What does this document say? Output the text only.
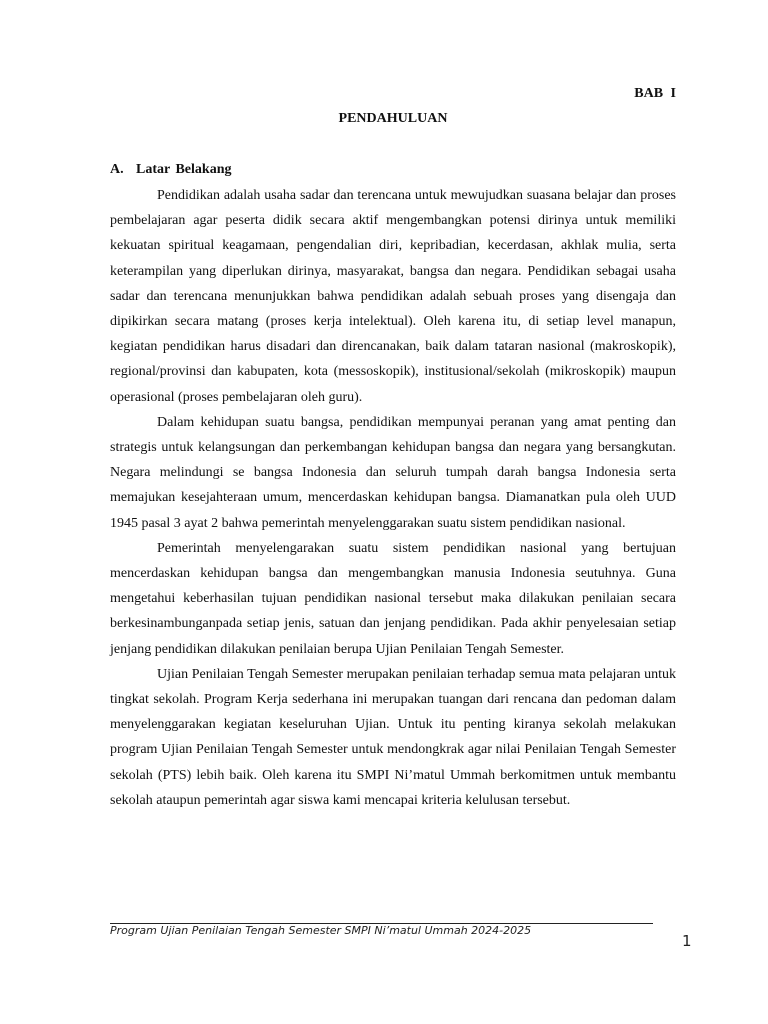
BAB I
PENDAHULUAN
A. Latar Belakang

Pendidikan adalah usaha sadar dan terencana untuk mewujudkan suasana belajar dan proses pembelajaran agar peserta didik secara aktif mengembangkan potensi dirinya untuk memiliki kekuatan spiritual keagamaan, pengendalian diri, kepribadian, kecerdasan, akhlak mulia, serta keterampilan yang diperlukan dirinya, masyarakat, bangsa dan negara. Pendidikan sebagai usaha sadar dan terencana menunjukkan bahwa pendidikan adalah sebuah proses yang disengaja dan dipikirkan secara matang (proses kerja intelektual). Oleh karena itu, di setiap level manapun, kegiatan pendidikan harus disadari dan direncanakan, baik dalam tataran nasional (makroskopik), regional/provinsi dan kabupaten, kota (messoskopik), institusional/sekolah (mikroskopik) maupun operasional (proses pembelajaran oleh guru).

Dalam kehidupan suatu bangsa, pendidikan mempunyai peranan yang amat penting dan strategis untuk kelangsungan dan perkembangan kehidupan bangsa dan negara yang bersangkutan. Negara melindungi se bangsa Indonesia dan seluruh tumpah darah bangsa Indonesia serta memajukan kesejahteraan umum, mencerdaskan kehidupan bangsa. Diamanatkan pula oleh UUD 1945 pasal 3 ayat 2 bahwa pemerintah menyelenggarakan suatu sistem pendidikan nasional.

Pemerintah menyelengarakan suatu sistem pendidikan nasional yang bertujuan mencerdaskan kehidupan bangsa dan mengembangkan manusia Indonesia seutuhnya. Guna mengetahui keberhasilan tujuan pendidikan nasional tersebut maka dilakukan penilaian secara berkesinambunganpada setiap jenis, satuan dan jenjang pendidikan. Pada akhir penyelesaian setiap jenjang pendidikan dilakukan penilaian berupa Ujian Penilaian Tengah Semester.

Ujian Penilaian Tengah Semester merupakan penilaian terhadap semua mata pelajaran untuk tingkat sekolah. Program Kerja sederhana ini merupakan tuangan dari rencana dan pedoman dalam menyelenggarakan kegiatan keseluruhan Ujian. Untuk itu penting kiranya sekolah melakukan program Ujian Penilaian Tengah Semester untuk mendongkrak agar nilai Penilaian Tengah Semester sekolah (PTS) lebih baik. Oleh karena itu SMPI Ni’matul Ummah berkomitmen untuk membantu sekolah ataupun pemerintah agar siswa kami mencapai kriteria kelulusan tersebut.

Program Ujian Penilaian Tengah Semester SMPI Ni’matul Ummah 2024-2025

1
